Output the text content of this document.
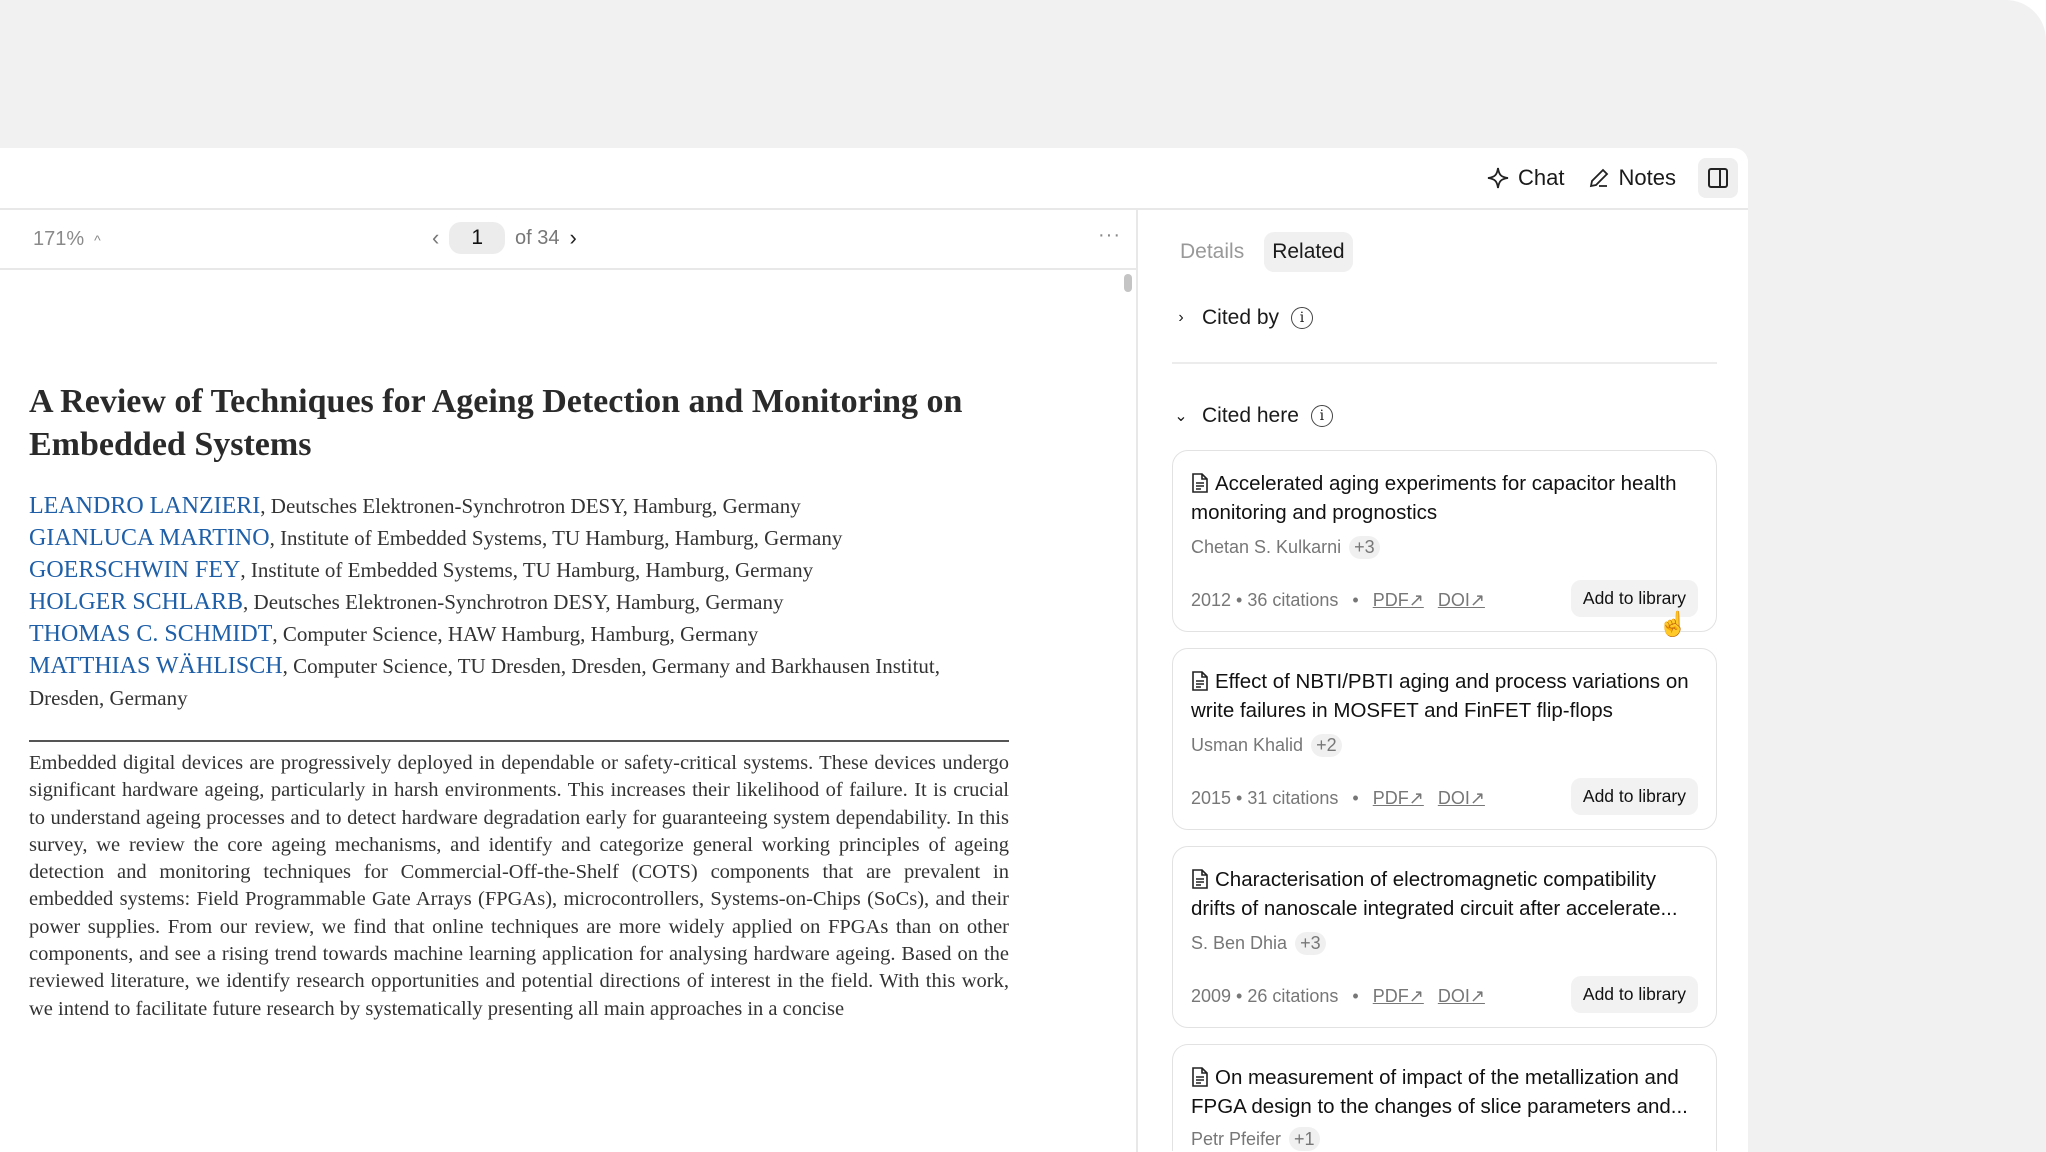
Chat Notes
171% ^	‹	1	of 34 ›	···
A Review of Techniques for Ageing Detection and Monitoring on Embedded Systems
LEANDRO LANZIERI, Deutsches Elektronen-Synchrotron DESY, Hamburg, Germany
GIANLUCA MARTINO, Institute of Embedded Systems, TU Hamburg, Hamburg, Germany
GOERSCHWIN FEY, Institute of Embedded Systems, TU Hamburg, Hamburg, Germany
HOLGER SCHLARB, Deutsches Elektronen-Synchrotron DESY, Hamburg, Germany
THOMAS C. SCHMIDT, Computer Science, HAW Hamburg, Hamburg, Germany
MATTHIAS WÄHLISCH, Computer Science, TU Dresden, Dresden, Germany and Barkhausen Institut, Dresden, Germany
Embedded digital devices are progressively deployed in dependable or safety-critical systems. These devices undergo significant hardware ageing, particularly in harsh environments. This increases their likelihood of failure. It is crucial to understand ageing processes and to detect hardware degradation early for guaranteeing system dependability. In this survey, we review the core ageing mechanisms, and identify and categorize general working principles of ageing detection and monitoring techniques for Commercial-Off-the-Shelf (COTS) components that are prevalent in embedded systems: Field Programmable Gate Arrays (FPGAs), microcontrollers, Systems-on-Chips (SoCs), and their power supplies. From our review, we find that online techniques are more widely applied on FPGAs than on other components, and see a rising trend towards machine learning application for analysing hardware ageing. Based on the reviewed literature, we identify research opportunities and potential directions of interest in the field. With this work, we intend to facilitate future research by systematically presenting all main approaches in a concise
Details	Related
› Cited by	i
⌄ Cited here	i
Accelerated aging experiments for capacitor health monitoring and prognostics
Chetan S. Kulkarni +3
2012 • 36 citations • PDF↗ DOI↗	Add to library
☝
Effect of NBTI/PBTI aging and process variations on write failures in MOSFET and FinFET flip-flops
Usman Khalid +2
2015 • 31 citations • PDF↗ DOI↗	Add to library
Characterisation of electromagnetic compatibility drifts of nanoscale integrated circuit after accelerate...
S. Ben Dhia +3
2009 • 26 citations • PDF↗ DOI↗	Add to library
On measurement of impact of the metallization and FPGA design to the changes of slice parameters and...
Petr Pfeifer +1
